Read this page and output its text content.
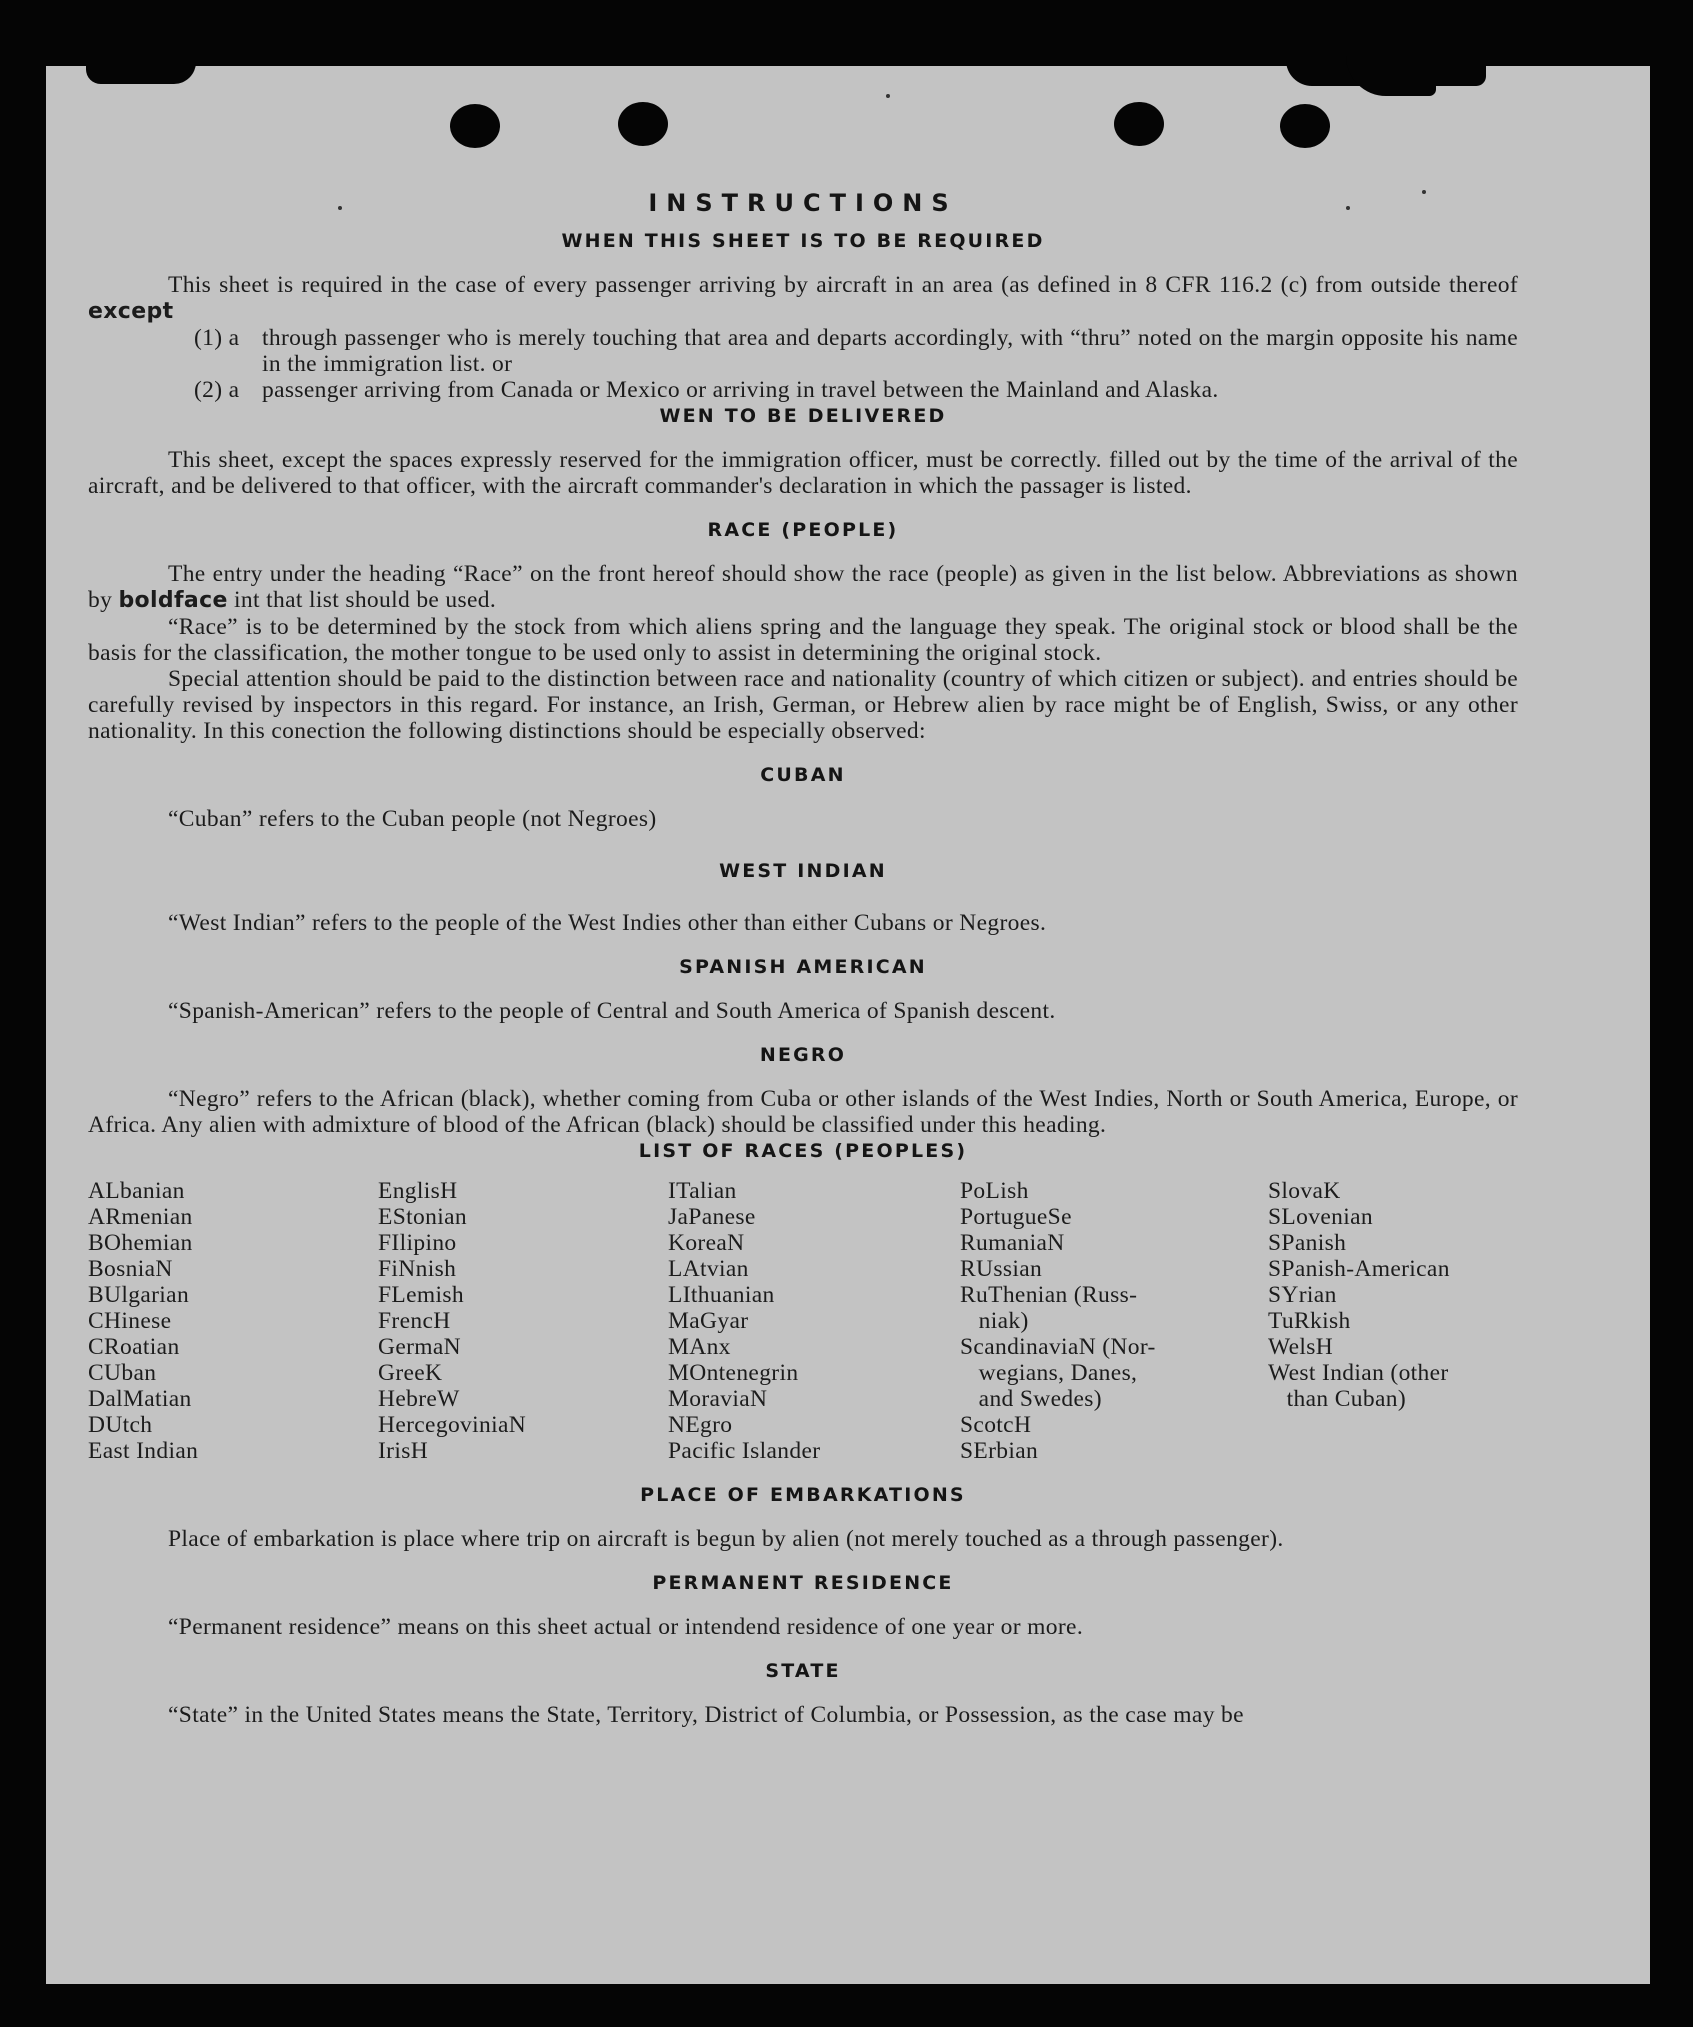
INSTRUCTIONS
WHEN THIS SHEET IS TO BE REQUIRED

This sheet is required in the case of every passenger arriving by aircraft in an area (as defined in 8 CFR 116.2 (c) from outside thereof except

(1) a through passenger who is merely touching that area and departs accordingly, with “thru” noted on the margin opposite his name in the immigration list. or
(2) a passenger arriving from Canada or Mexico or arriving in travel between the Mainland and Alaska.
WEN TO BE DELIVERED

This sheet, except the spaces expressly reserved for the immigration officer, must be correctly. filled out by the time of the arrival of the aircraft, and be delivered to that officer, with the aircraft commander's declaration in which the passager is listed.

RACE (PEOPLE)

The entry under the heading “Race” on the front hereof should show the race (people) as given in the list below. Abbreviations as shown by boldface int that list should be used.

“Race” is to be determined by the stock from which aliens spring and the language they speak. The original stock or blood shall be the basis for the classification, the mother tongue to be used only to assist in determining the original stock.

Special attention should be paid to the distinction between race and nationality (country of which citizen or subject). and entries should be carefully revised by inspectors in this regard. For instance, an Irish, German, or Hebrew alien by race might be of English, Swiss, or any other nationality. In this conection the following distinctions should be especially observed:

CUBAN

“Cuban” refers to the Cuban people (not Negroes)

WEST INDIAN

“West Indian” refers to the people of the West Indies other than either Cubans or Negroes.

SPANISH AMERICAN

“Spanish-American” refers to the people of Central and South America of Spanish descent.

NEGRO

“Negro” refers to the African (black), whether coming from Cuba or other islands of the West Indies, North or South America, Europe, or Africa. Any alien with admixture of blood of the African (black) should be classified under this heading.

LIST OF RACES (PEOPLES)
ALbanian
ARmenian
BOhemian
BosniaN
BUlgarian
CHinese
CRoatian
CUban
DalMatian
DUtch
East Indian
EnglisH
EStonian
FIlipino
FiNnish
FLemish
FrencH
GermaN
GreeK
HebreW
HercegoviniaN
IrisH
ITalian
JaPanese
KoreaN
LAtvian
LIthuanian
MaGyar
MAnx
MOntenegrin
MoraviaN
NEgro
Pacific Islander
PoLish
PortugueSe
RumaniaN
RUssian
RuThenian (Russ-
niak)
ScandinaviaN (Nor-
wegians, Danes,
and Swedes)
ScotcH
SErbian
SlovaK
SLovenian
SPanish
SPanish-American
SYrian
TuRkish
WelsH
West Indian (other
than Cuban)
PLACE OF EMBARKATIONS

Place of embarkation is place where trip on aircraft is begun by alien (not merely touched as a through passenger).

PERMANENT RESIDENCE

“Permanent residence” means on this sheet actual or intendend residence of one year or more.

STATE

“State” in the United States means the State, Territory, District of Columbia, or Possession, as the case may be
